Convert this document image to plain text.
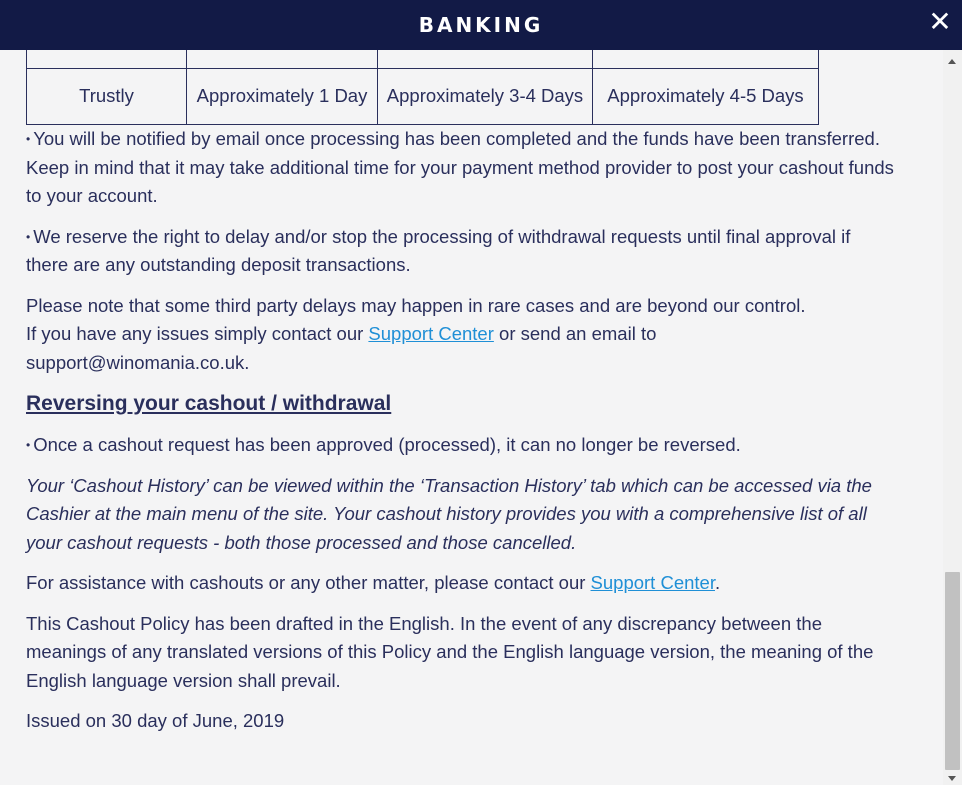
BANKING	✕

Trustly	Approximately 1 Day	Approximately 3-4 Days	Approximately 4-5 Days

• You will be notified by email once processing has been completed and the funds have been transferred. Keep in mind that it may take additional time for your payment method provider to post your cashout funds to your account.

• We reserve the right to delay and/or stop the processing of withdrawal requests until final approval if there are any outstanding deposit transactions.

Please note that some third party delays may happen in rare cases and are beyond our control.
If you have any issues simply contact our Support Center or send an email to
support@winomania.co.uk.

Reversing your cashout / withdrawal

• Once a cashout request has been approved (processed), it can no longer be reversed.

Your ‘Cashout History’ can be viewed within the ‘Transaction History’ tab which can be accessed via the Cashier at the main menu of the site. Your cashout history provides you with a comprehensive list of all your cashout requests - both those processed and those cancelled.

For assistance with cashouts or any other matter, please contact our Support Center.

This Cashout Policy has been drafted in the English. In the event of any discrepancy between the meanings of any translated versions of this Policy and the English language version, the meaning of the English language version shall prevail.

Issued on 30 day of June, 2019
